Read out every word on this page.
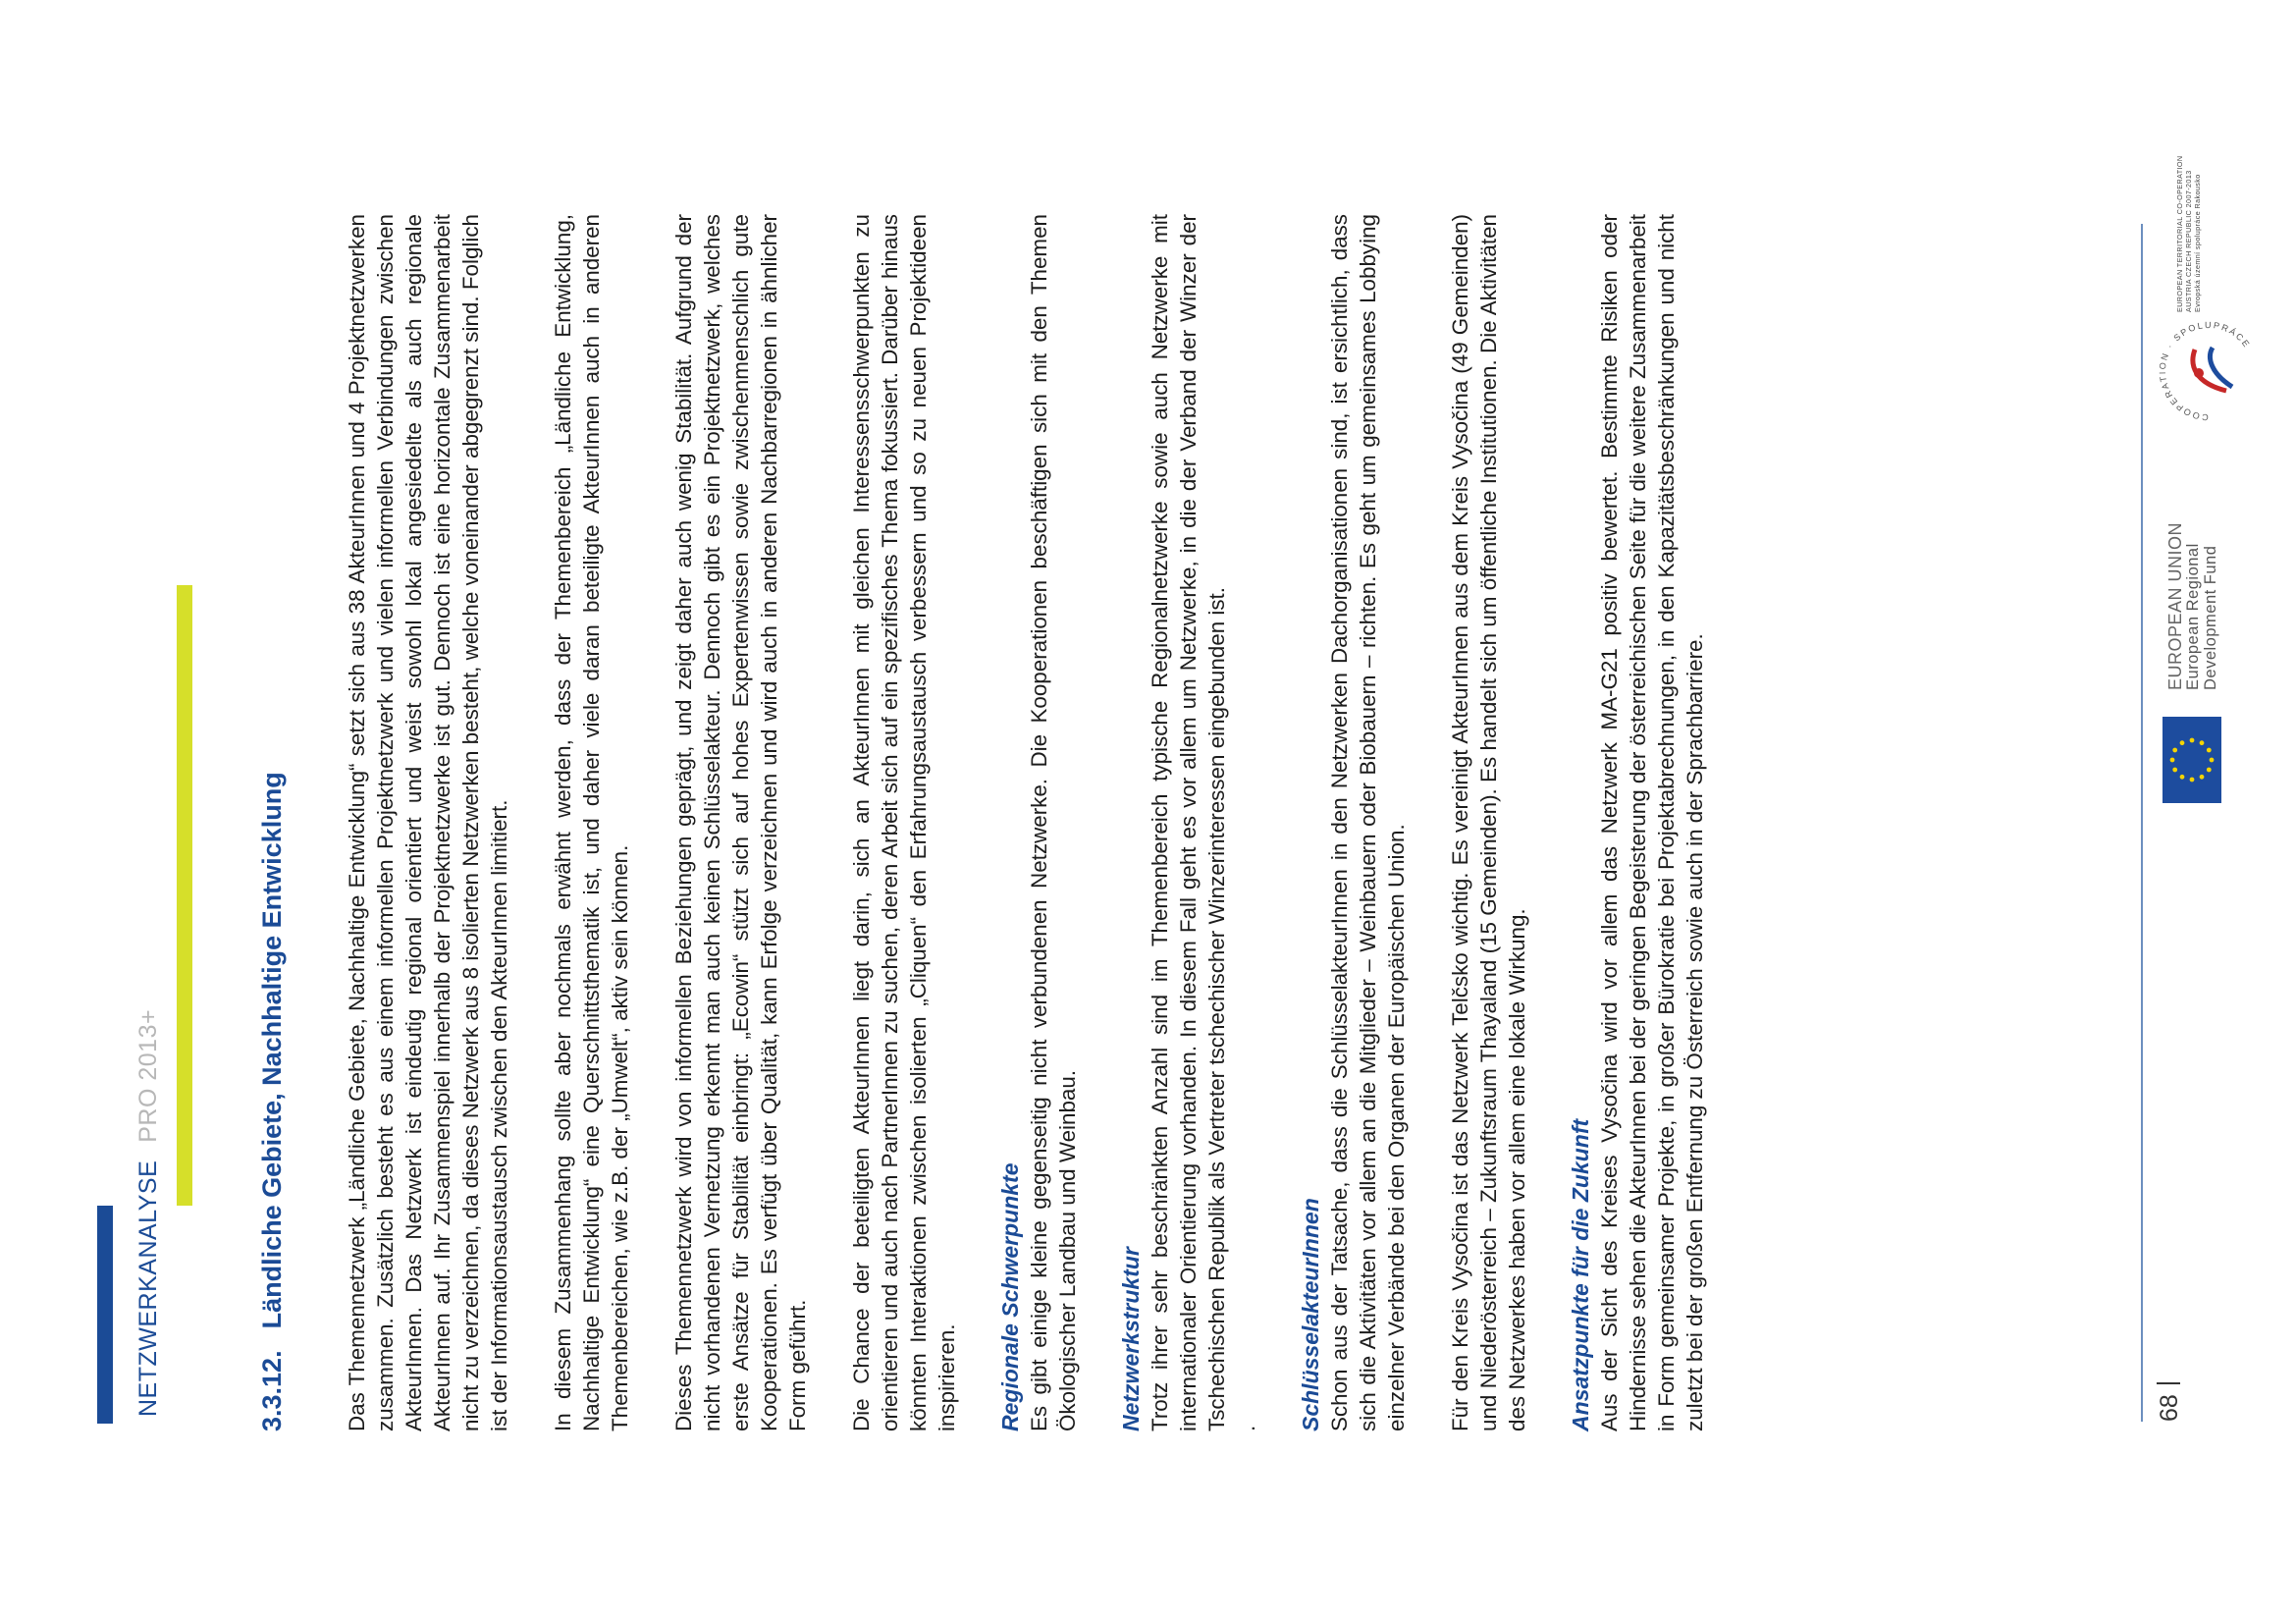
NETZWERKANALYSEPRO 2013+
3.3.12.Ländliche Gebiete, Nachhaltige Entwicklung	Das Themennetzwerk „Ländliche Gebiete, Nachhaltige Entwicklung“ setzt sich aus 38 AkteurInnen und 4 Projektnetzwerken zusammen. Zusätzlich besteht es aus einem informellen Projektnetzwerk und vielen informellen Verbindungen zwischen AkteurInnen. Das Netzwerk ist eindeutig regional orientiert und weist sowohl lokal angesiedelte als auch regionale AkteurInnen auf. Ihr Zusammenspiel innerhalb der Projektnetzwerke ist gut. Dennoch ist eine horizontale Zusammenarbeit nicht zu verzeichnen, da dieses Netzwerk aus 8 isolierten Netzwerken besteht, welche voneinander abgegrenzt sind. Folglich ist der Informationsaustausch zwischen den AkteurInnen limitiert. In diesem Zusammenhang sollte aber nochmals erwähnt werden, dass der Themenbereich „Ländliche Entwicklung, Nachhaltige Entwicklung“ eine Querschnittsthematik ist, und daher viele daran beteiligte AkteurInnen auch in anderen Themenbereichen, wie z.B. der „Umwelt“, aktiv sein können. Dieses Themennetzwerk wird von informellen Beziehungen geprägt, und zeigt daher auch wenig Stabilität. Aufgrund der nicht vorhandenen Vernetzung erkennt man auch keinen Schlüsselakteur. Dennoch gibt es ein Projektnetzwerk, welches erste Ansätze für Stabilität einbringt: „Ecowin“ stützt sich auf hohes Expertenwissen sowie zwischenmenschlich gute Kooperationen. Es verfügt über Qualität, kann Erfolge verzeichnen und wird auch in anderen Nachbarregionen in ähnlicher Form geführt. Die Chance der beteiligten AkteurInnen liegt darin, sich an AkteurInnen mit gleichen Interessensschwerpunkten zu orientieren und auch nach PartnerInnen zu suchen, deren Arbeit sich auf ein spezifisches Thema fokussiert. Darüber hinaus könnten Interaktionen zwischen isolierten „Cliquen“ den Erfahrungsaustausch verbessern und so zu neuen Projektideen inspirieren. Regionale Schwerpunkte Es gibt einige kleine gegenseitig nicht verbundenen Netzwerke. Die Kooperationen beschäftigen sich mit den Themen Ökologischer Landbau und Weinbau. Netzwerkstruktur Trotz ihrer sehr beschränkten Anzahl sind im Themenbereich typische Regionalnetzwerke sowie auch Netzwerke mit internationaler Orientierung vorhanden. In diesem Fall geht es vor allem um Netzwerke, in die der Verband der Winzer der Tschechischen Republik als Vertreter tschechischer Winzerinteressen eingebunden ist. . SchlüsselakteurInnen Schon aus der Tatsache, dass die SchlüsselakteurInnen in den Netzwerken Dachorganisationen sind, ist ersichtlich, dass sich die Aktivitäten vor allem an die Mitglieder – Weinbauern oder Biobauern – richten. Es geht um gemeinsames Lobbying einzelner Verbände bei den Organen der Europäischen Union. Für den Kreis Vysočina ist das Netzwerk Telčsko wichtig. Es vereinigt AkteurInnen aus dem Kreis Vysočina (49 Gemeinden) und Niederösterreich – Zukunftsraum Thayaland (15 Gemeinden). Es handelt sich um öffentliche Institutionen. Die Aktivitäten des Netzwerkes haben vor allem eine lokale Wirkung. Ansatzpunkte für die Zukunft Aus der Sicht des Kreises Vysočina wird vor allem das Netzwerk MA-G21 positiv bewertet. Bestimmte Risiken oder Hindernisse sehen die AkteurInnen bei der geringen Begeisterung der österreichischen Seite für die weitere Zusammenarbeit in Form gemeinsamer Projekte, in großer Bürokratie bei Projektabrechnungen, in den Kapazitätsbeschränkungen und nicht zuletzt bei der großen Entfernung zu Österreich sowie auch in der Sprachbarriere.	68
EUROPEAN UNION European Regional Development Fund
COOPERATION · SPOLUPRÁCE
EUROPEAN TERRITORIAL CO-OPERATION AUSTRIA CZECH REPUBLIC 2007-2013 Evropská územní spolupráce Rakousko
